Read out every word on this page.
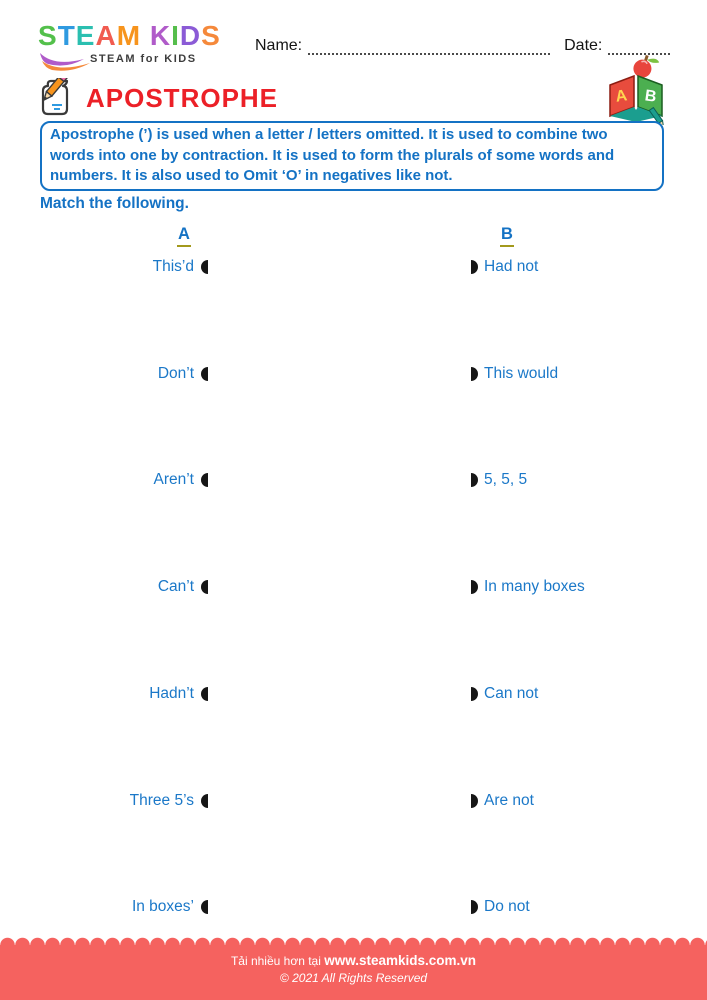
STEAM KIDS
STEAM for KIDS
Name:	Date:
APOSTROPHE	A B
Apostrophe (’) is used when a letter / letters omitted. It is used to combine two words into one by contraction. It is used to form the plurals of some words and numbers. It is also used to Omit ‘O’ in negatives like not.
Match the following.
A	B
This’d	Had not
Don’t	This would
Aren’t	5, 5, 5
Can’t	In many boxes
Hadn’t	Can not
Three 5’s	Are not
In boxes’	Do not
Tải nhiều hơn tại www.steamkids.com.vn
© 2021 All Rights Reserved
